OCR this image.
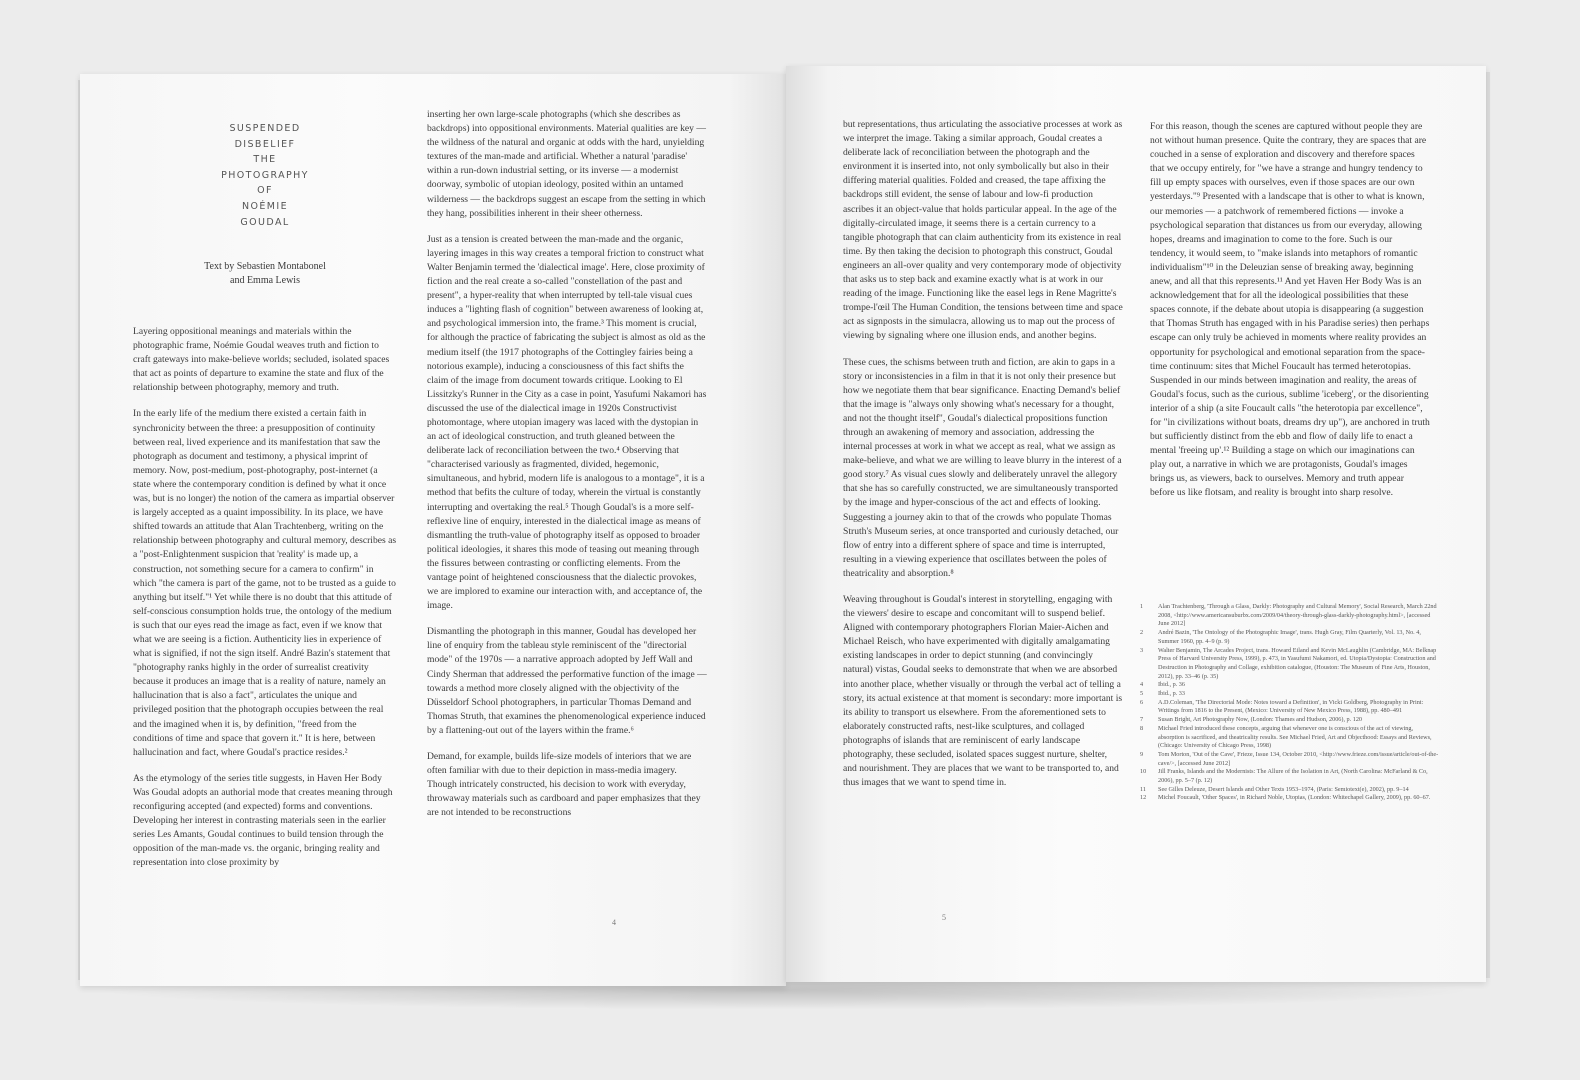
SUSPENDED
DISBELIEF
THE
PHOTOGRAPHY
OF
NOÉMIE
GOUDAL
Text by Sebastien Montabonel
and Emma Lewis

Layering oppositional meanings and materials within the photographic frame, Noémie Goudal weaves truth and fiction to craft gateways into make-believe worlds; secluded, isolated spaces that act as points of departure to examine the state and flux of the relationship between photography, memory and truth.

In the early life of the medium there existed a certain faith in synchronicity between the three: a presupposition of continuity between real, lived experience and its manifestation that saw the photograph as document and testimony, a physical imprint of memory. Now, post-medium, post-photography, post-internet (a state where the contemporary condition is defined by what it once was, but is no longer) the notion of the camera as impartial observer is largely accepted as a quaint impossibility. In its place, we have shifted towards an attitude that Alan Trachtenberg, writing on the relationship between photography and cultural memory, describes as a "post-Enlightenment suspicion that 'reality' is made up, a construction, not something secure for a camera to confirm" in which "the camera is part of the game, not to be trusted as a guide to anything but itself."¹ Yet while there is no doubt that this attitude of self-conscious consumption holds true, the ontology of the medium is such that our eyes read the image as fact, even if we know that what we are seeing is a fiction. Authenticity lies in experience of what is signified, if not the sign itself. André Bazin's statement that "photography ranks highly in the order of surrealist creativity because it produces an image that is a reality of nature, namely an hallucination that is also a fact", articulates the unique and privileged position that the photograph occupies between the real and the imagined when it is, by definition, "freed from the conditions of time and space that govern it." It is here, between hallucination and fact, where Goudal's practice resides.²

As the etymology of the series title suggests, in Haven Her Body Was Goudal adopts an authorial mode that creates meaning through reconfiguring accepted (and expected) forms and conventions. Developing her interest in contrasting materials seen in the earlier series Les Amants, Goudal continues to build tension through the opposition of the man-made vs. the organic, bringing reality and representation into close proximity by

inserting her own large-scale photographs (which she describes as backdrops) into oppositional environments. Material qualities are key — the wildness of the natural and organic at odds with the hard, unyielding textures of the man-made and artificial. Whether a natural 'paradise' within a run-down industrial setting, or its inverse — a modernist doorway, symbolic of utopian ideology, posited within an untamed wilderness — the backdrops suggest an escape from the setting in which they hang, possibilities inherent in their sheer otherness.

Just as a tension is created between the man-made and the organic, layering images in this way creates a temporal friction to construct what Walter Benjamin termed the 'dialectical image'. Here, close proximity of fiction and the real create a so-called "constellation of the past and present", a hyper-reality that when interrupted by tell-tale visual cues induces a "lighting flash of cognition" between awareness of looking at, and psychological immersion into, the frame.³ This moment is crucial, for although the practice of fabricating the subject is almost as old as the medium itself (the 1917 photographs of the Cottingley fairies being a notorious example), inducing a consciousness of this fact shifts the claim of the image from document towards critique. Looking to El Lissitzky's Runner in the City as a case in point, Yasufumi Nakamori has discussed the use of the dialectical image in 1920s Constructivist photomontage, where utopian imagery was laced with the dystopian in an act of ideological construction, and truth gleaned between the deliberate lack of reconciliation between the two.⁴ Observing that "characterised variously as fragmented, divided, hegemonic, simultaneous, and hybrid, modern life is analogous to a montage", it is a method that befits the culture of today, wherein the virtual is constantly interrupting and overtaking the real.⁵ Though Goudal's is a more self-reflexive line of enquiry, interested in the dialectical image as means of dismantling the truth-value of photography itself as opposed to broader political ideologies, it shares this mode of teasing out meaning through the fissures between contrasting or conflicting elements. From the vantage point of heightened consciousness that the dialectic provokes, we are implored to examine our interaction with, and acceptance of, the image.

Dismantling the photograph in this manner, Goudal has developed her line of enquiry from the tableau style reminiscent of the "directorial mode" of the 1970s — a narrative approach adopted by Jeff Wall and Cindy Sherman that addressed the performative function of the image — towards a method more closely aligned with the objectivity of the Düsseldorf School photographers, in particular Thomas Demand and Thomas Struth, that examines the phenomenological experience induced by a flattening-out out of the layers within the frame.⁶

Demand, for example, builds life-size models of interiors that we are often familiar with due to their depiction in mass-media imagery. Though intricately constructed, his decision to work with everyday, throwaway materials such as cardboard and paper emphasizes that they are not intended to be reconstructions

4

but representations, thus articulating the associative processes at work as we interpret the image. Taking a similar approach, Goudal creates a deliberate lack of reconciliation between the photograph and the environment it is inserted into, not only symbolically but also in their differing material qualities. Folded and creased, the tape affixing the backdrops still evident, the sense of labour and low-fi production ascribes it an object-value that holds particular appeal. In the age of the digitally-circulated image, it seems there is a certain currency to a tangible photograph that can claim authenticity from its existence in real time. By then taking the decision to photograph this construct, Goudal engineers an all-over quality and very contemporary mode of objectivity that asks us to step back and examine exactly what is at work in our reading of the image. Functioning like the easel legs in Rene Magritte's trompe-l'œil The Human Condition, the tensions between time and space act as signposts in the simulacra, allowing us to map out the process of viewing by signaling where one illusion ends, and another begins.

These cues, the schisms between truth and fiction, are akin to gaps in a story or inconsistencies in a film in that it is not only their presence but how we negotiate them that bear significance. Enacting Demand's belief that the image is "always only showing what's necessary for a thought, and not the thought itself", Goudal's dialectical propositions function through an awakening of memory and association, addressing the internal processes at work in what we accept as real, what we assign as make-believe, and what we are willing to leave blurry in the interest of a good story.⁷ As visual cues slowly and deliberately unravel the allegory that she has so carefully constructed, we are simultaneously transported by the image and hyper-conscious of the act and effects of looking. Suggesting a journey akin to that of the crowds who populate Thomas Struth's Museum series, at once transported and curiously detached, our flow of entry into a different sphere of space and time is interrupted, resulting in a viewing experience that oscillates between the poles of theatricality and absorption.⁸

Weaving throughout is Goudal's interest in storytelling, engaging with the viewers' desire to escape and concomitant will to suspend belief. Aligned with contemporary photographers Florian Maier-Aichen and Michael Reisch, who have experimented with digitally amalgamating existing landscapes in order to depict stunning (and convincingly natural) vistas, Goudal seeks to demonstrate that when we are absorbed into another place, whether visually or through the verbal act of telling a story, its actual existence at that moment is secondary: more important is its ability to transport us elsewhere. From the aforementioned sets to elaborately constructed rafts, nest-like sculptures, and collaged photographs of islands that are reminiscent of early landscape photography, these secluded, isolated spaces suggest nurture, shelter, and nourishment. They are places that we want to be transported to, and thus images that we want to spend time in.

For this reason, though the scenes are captured without people they are not without human presence. Quite the contrary, they are spaces that are couched in a sense of exploration and discovery and therefore spaces that we occupy entirely, for "we have a strange and hungry tendency to fill up empty spaces with ourselves, even if those spaces are our own yesterdays."⁹ Presented with a landscape that is other to what is known, our memories — a patchwork of remembered fictions — invoke a psychological separation that distances us from our everyday, allowing hopes, dreams and imagination to come to the fore. Such is our tendency, it would seem, to "make islands into metaphors of romantic individualism"¹⁰ in the Deleuzian sense of breaking away, beginning anew, and all that this represents.¹¹ And yet Haven Her Body Was is an acknowledgement that for all the ideological possibilities that these spaces connote, if the debate about utopia is disappearing (a suggestion that Thomas Struth has engaged with in his Paradise series) then perhaps escape can only truly be achieved in moments where reality provides an opportunity for psychological and emotional separation from the space-time continuum: sites that Michel Foucault has termed heterotopias. Suspended in our minds between imagination and reality, the areas of Goudal's focus, such as the curious, sublime 'iceberg', or the disorienting interior of a ship (a site Foucault calls "the heterotopia par excellence", for "in civilizations without boats, dreams dry up"), are anchored in truth but sufficiently distinct from the ebb and flow of daily life to enact a mental 'freeing up'.¹² Building a stage on which our imaginations can play out, a narrative in which we are protagonists, Goudal's images brings us, as viewers, back to ourselves. Memory and truth appear before us like flotsam, and reality is brought into sharp resolve.

1	Alan Trachtenberg, 'Through a Glass, Darkly: Photography and Cultural Memory', Social Research, March 22nd 2008, <http://www.americansuburbx.com/2009/04/theory-through-glass-darkly-photography.html>, [accessed June 2012]
2	André Bazin, 'The Ontology of the Photographic Image', trans. Hugh Gray, Film Quarterly, Vol. 13, No. 4, Summer 1960, pp. 4–9 (p. 9)
3	Walter Benjamin, The Arcades Project, trans. Howard Eiland and Kevin McLaughlin (Cambridge, MA: Belknap Press of Harvard University Press, 1999), p. 473, in Yasufumi Nakamori, ed. Utopia/Dystopia: Construction and Destruction in Photography and Collage, exhibition catalogue, (Houston: The Museum of Fine Arts, Houston, 2012), pp. 33–46 (p. 35)
4	Ibid., p. 36
5	Ibid., p. 33
6	A.D.Coleman, 'The Directorial Mode: Notes toward a Definition', in Vicki Goldberg, Photography in Print: Writings from 1816 to the Present, (Mexico: University of New Mexico Press, 1988), pp. 480–491
7	Susan Bright, Art Photography Now, (London: Thames and Hudson, 2006), p. 120
8	Michael Fried introduced these concepts, arguing that whenever one is conscious of the act of viewing, absorption is sacrificed, and theatricality results. See Michael Fried, Art and Objecthood: Essays and Reviews, (Chicago: University of Chicago Press, 1998)
9	Tom Morton, 'Out of the Cave', Frieze, Issue 134, October 2010, <http://www.frieze.com/issue/article/out-of-the-cave/>, [accessed June 2012]
10	Jill Franks, Islands and the Modernists: The Allure of the Isolation in Art, (North Carolina: McFarland & Co, 2006), pp. 5–7 (p. 12)
11	See Gilles Deleuze, Desert Islands and Other Texts 1953–1974, (Paris: Semiotext(e), 2002), pp. 9–14
12	Michel Foucault, 'Other Spaces', in Richard Noble, Utopias, (London: Whitechapel Gallery, 2009), pp. 60–67.
5
